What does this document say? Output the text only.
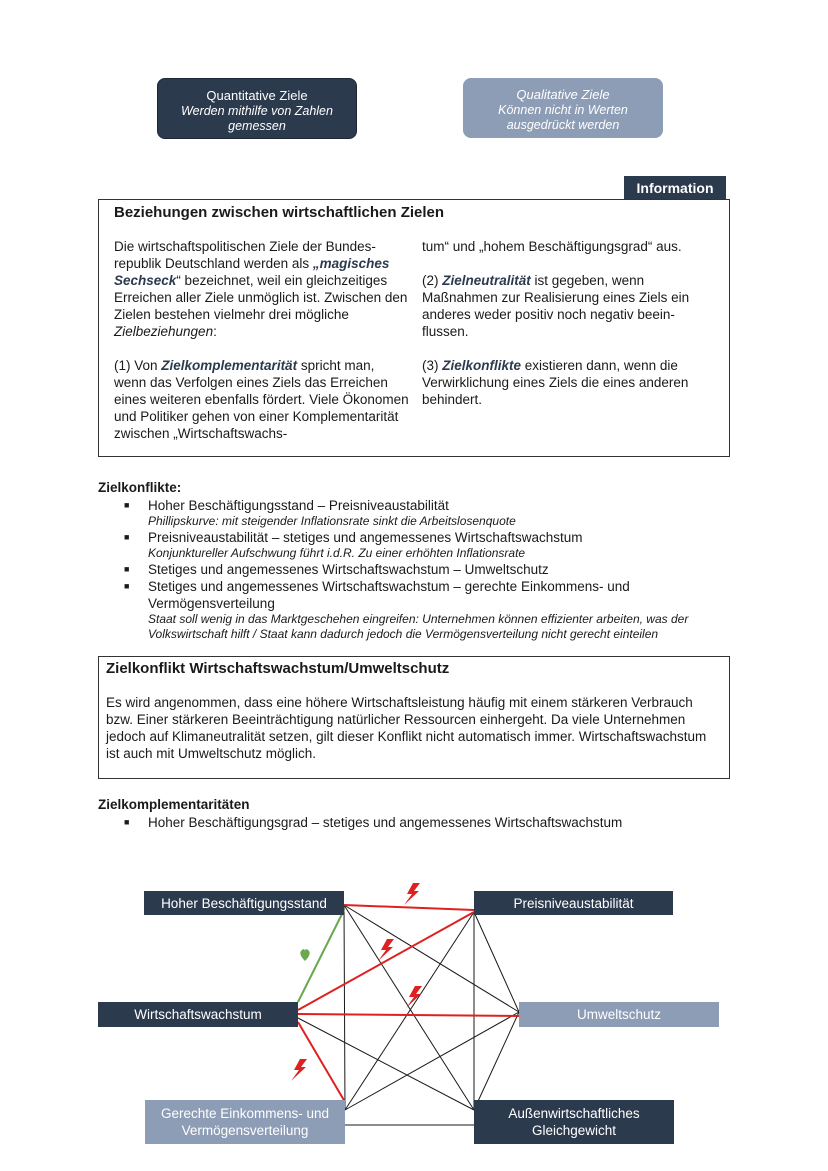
Quantitative Ziele
Werden mithilfe von Zahlen gemessen
Qualitative Ziele
Können nicht in Werten ausgedrückt werden
Information
Beziehungen zwischen wirtschaftlichen Zielen
Die wirtschaftspolitischen Ziele der Bundes-republik Deutschland werden als „magisches Sechseck“ bezeichnet, weil ein gleichzeitiges Erreichen aller Ziele unmöglich ist. Zwischen den Zielen bestehen vielmehr drei mögliche Zielbeziehungen:
(1) Von Zielkomplementarität spricht man, wenn das Verfolgen eines Ziels das Erreichen eines weiteren ebenfalls fördert. Viele Ökonomen und Politiker gehen von einer Komplementarität zwischen „Wirtschaftswachs-
tum“ und „hohem Beschäftigungsgrad“ aus.
(2) Zielneutralität ist gegeben, wenn Maßnahmen zur Realisierung eines Ziels ein anderes weder positiv noch negativ beein-flussen.
(3) Zielkonflikte existieren dann, wenn die Verwirklichung eines Ziels die eines anderen behindert.
Zielkonflikte:
■ Hoher Beschäftigungsstand – Preisniveaustabilität
Phillipskurve: mit steigender Inflationsrate sinkt die Arbeitslosenquote
■ Preisniveaustabilität – stetiges und angemessenes Wirtschaftswachstum
Konjunktureller Aufschwung führt i.d.R. Zu einer erhöhten Inflationsrate
■ Stetiges und angemessenes Wirtschaftswachstum – Umweltschutz
■ Stetiges und angemessenes Wirtschaftswachstum – gerechte Einkommens- und Vermögensverteilung
Staat soll wenig in das Marktgeschehen eingreifen: Unternehmen können effizienter arbeiten, was der Volkswirtschaft hilft / Staat kann dadurch jedoch die Vermögensverteilung nicht gerecht einteilen
Zielkonflikt Wirtschaftswachstum/Umweltschutz
Es wird angenommen, dass eine höhere Wirtschaftsleistung häufig mit einem stärkeren Verbrauch bzw. Einer stärkeren Beeinträchtigung natürlicher Ressourcen einhergeht. Da viele Unternehmen jedoch auf Klimaneutralität setzen, gilt dieser Konflikt nicht automatisch immer. Wirtschaftswachstum ist auch mit Umweltschutz möglich.
Zielkomplementaritäten
■ Hoher Beschäftigungsgrad – stetiges und angemessenes Wirtschaftswachstum
Hoher Beschäftigungsstand	Preisniveaustabilität
Wirtschaftswachstum	Umweltschutz
Gerechte Einkommens- und Vermögensverteilung
Außenwirtschaftliches Gleichgewicht
